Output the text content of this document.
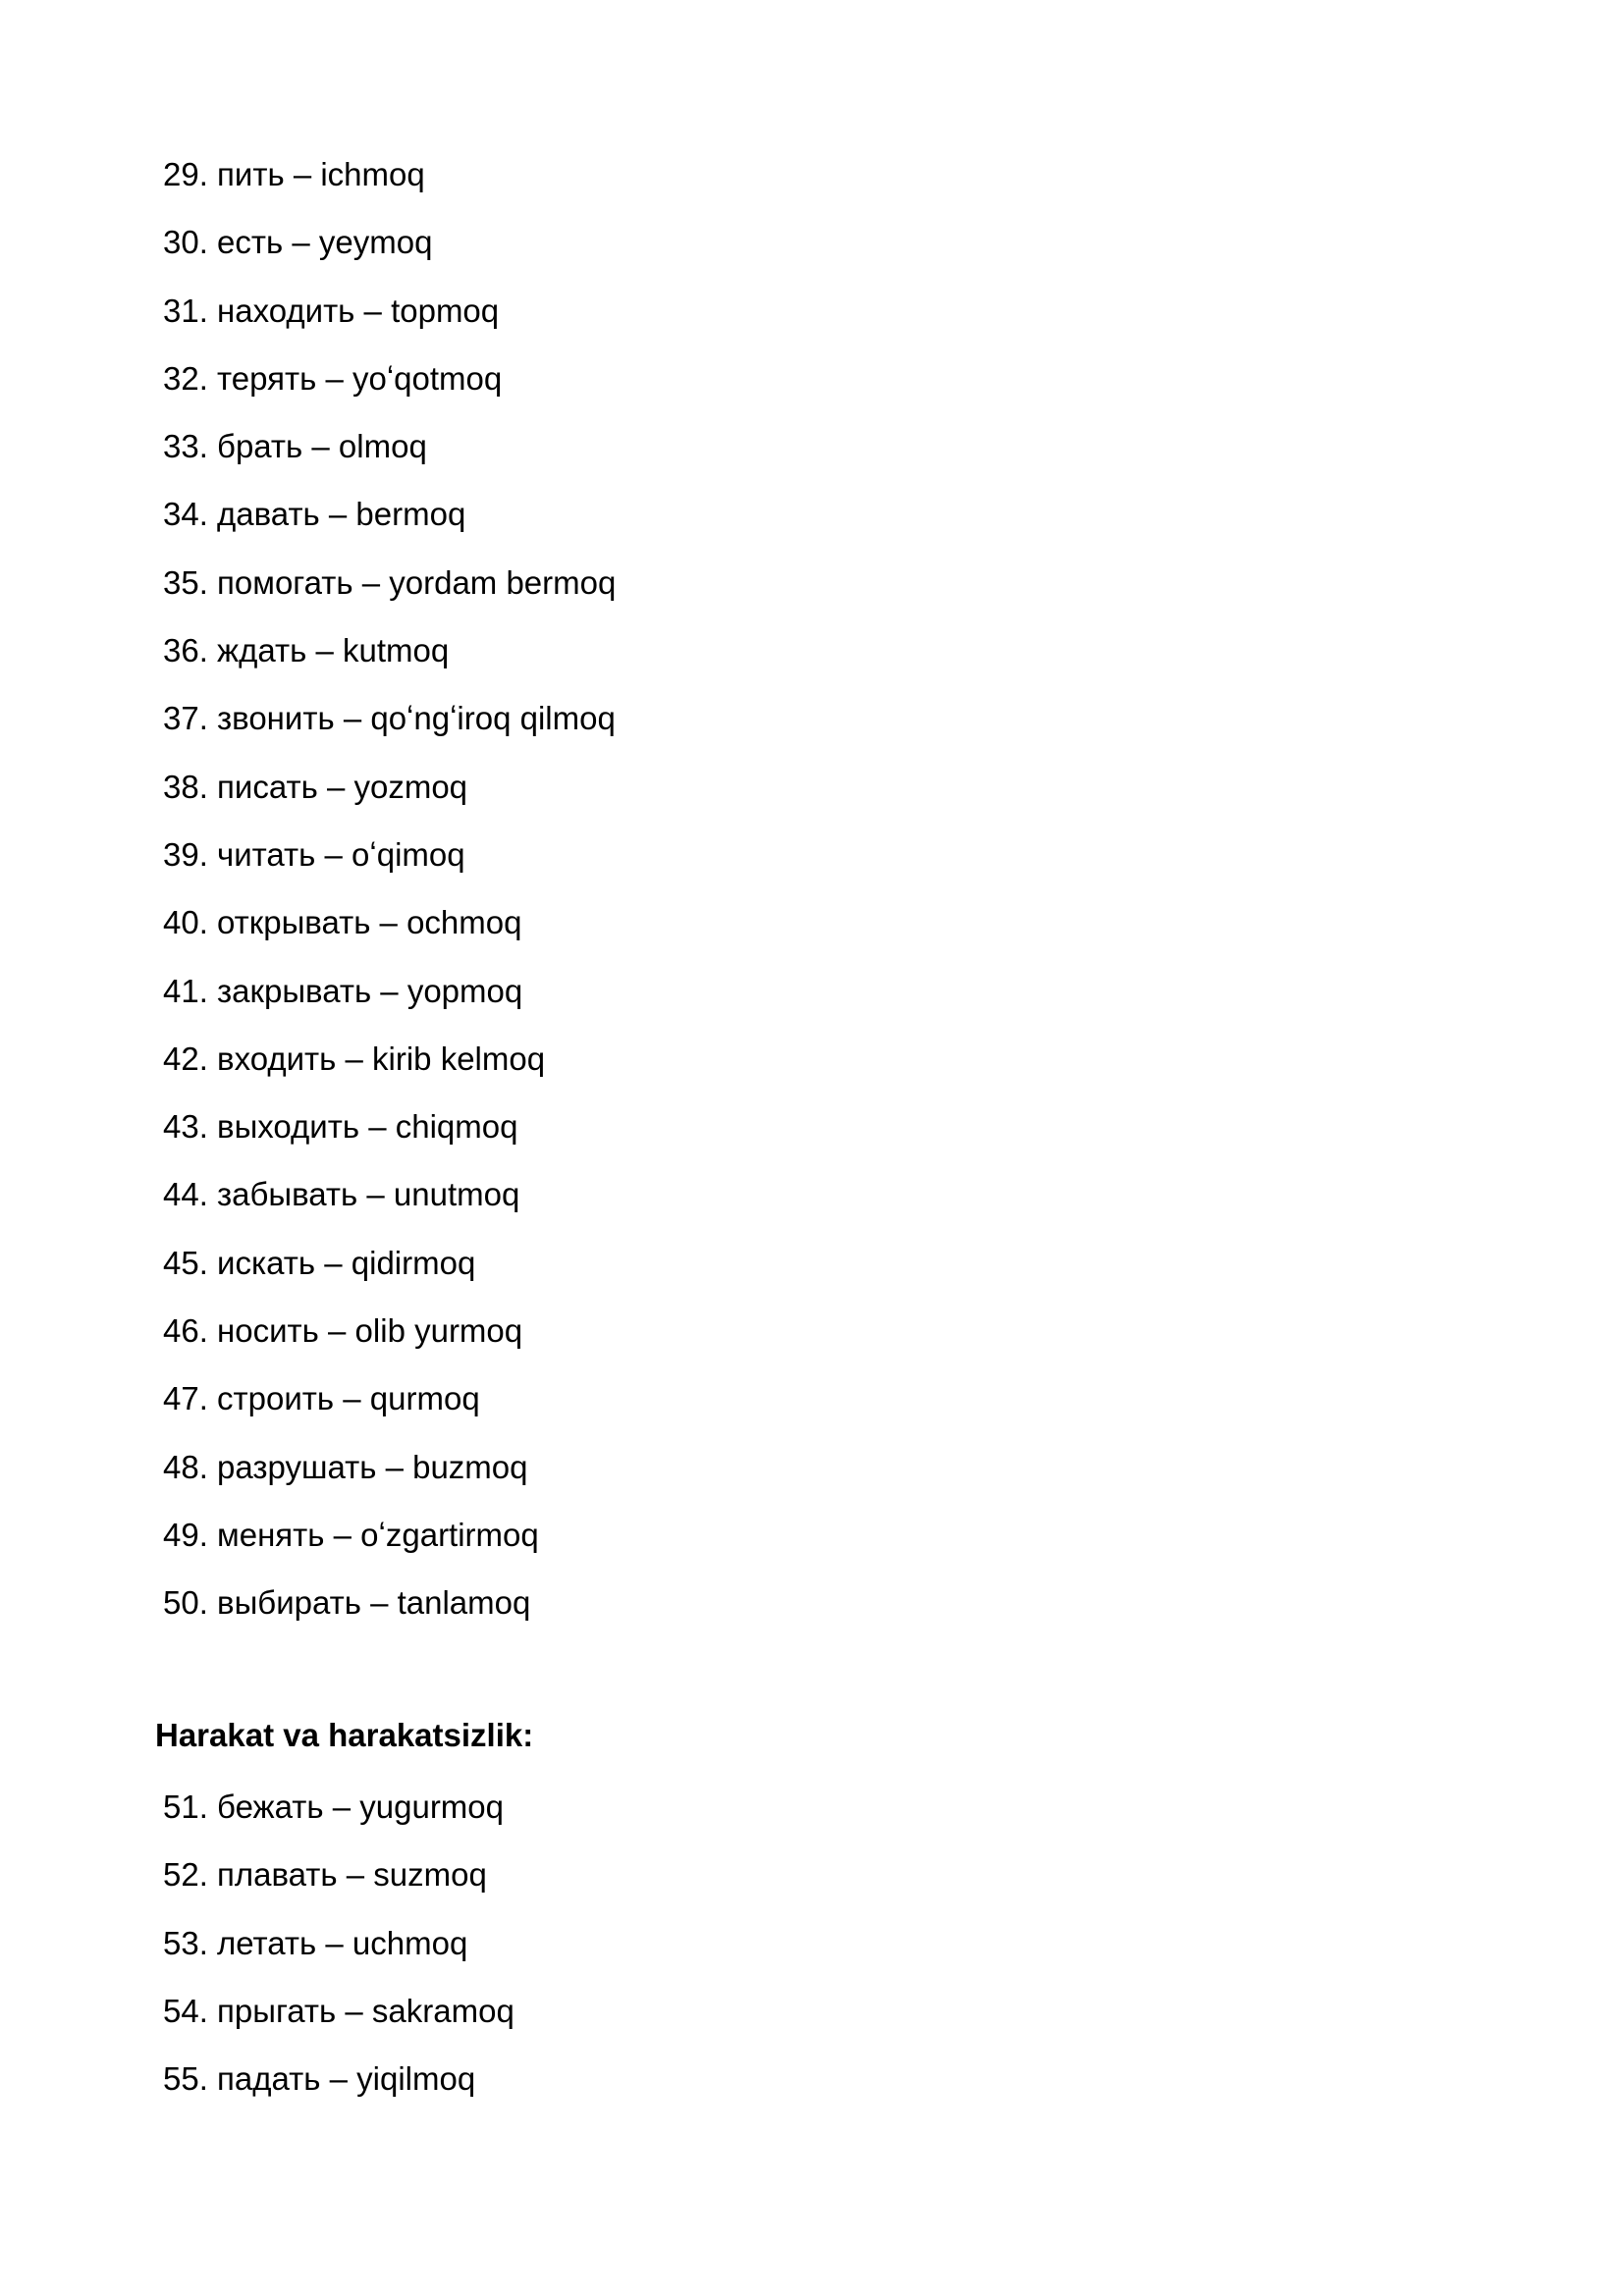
29. пить – ichmoq
30. есть – yeymoq
31. находить – topmoq
32. терять – yoʻqotmoq
33. брать – olmoq
34. давать – bermoq
35. помогать – yordam bermoq
36. ждать – kutmoq
37. звонить – qoʻngʻiroq qilmoq
38. писать – yozmoq
39. читать – oʻqimoq
40. открывать – ochmoq
41. закрывать – yopmoq
42. входить – kirib kelmoq
43. выходить – chiqmoq
44. забывать – unutmoq
45. искать – qidirmoq
46. носить – olib yurmoq
47. строить – qurmoq
48. разрушать – buzmoq
49. менять – oʻzgartirmoq
50. выбирать – tanlamoq
Harakat va harakatsizlik:
51. бежать – yugurmoq
52. плавать – suzmoq
53. летать – uchmoq
54. прыгать – sakramoq
55. падать – yiqilmoq
